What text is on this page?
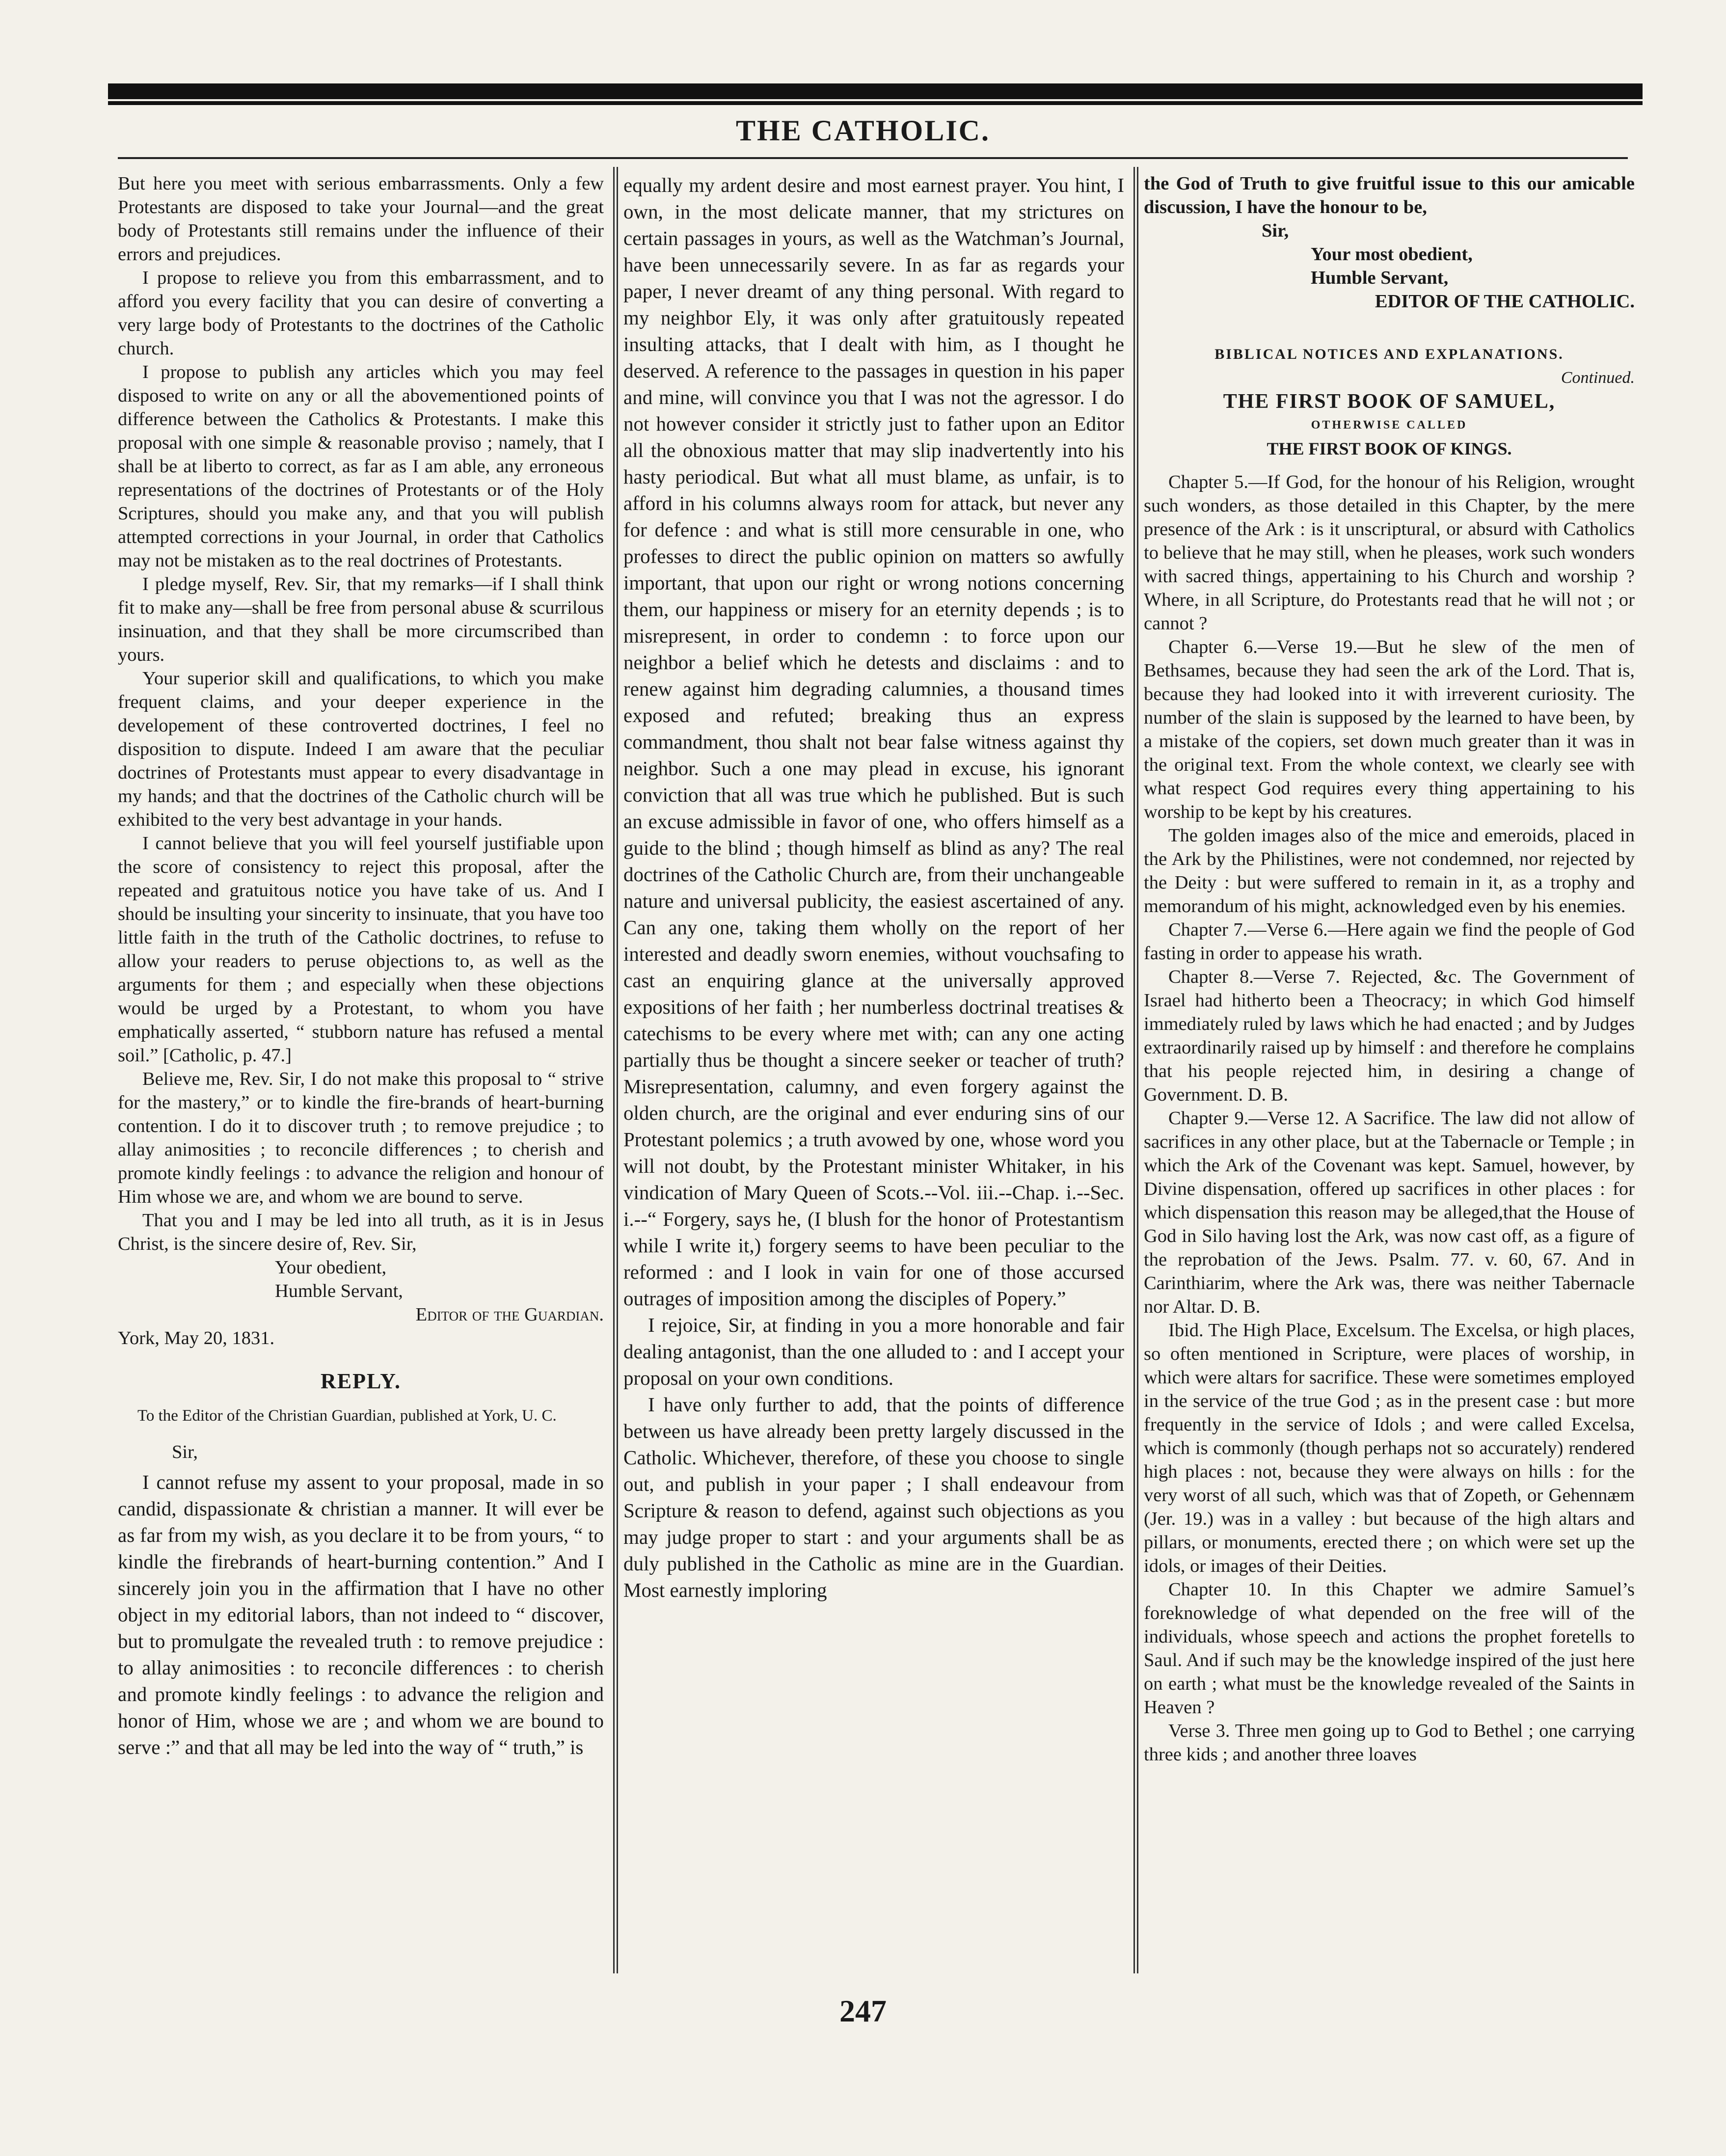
THE CATHOLIC.

But here you meet with serious embarrassments. Only a few Protestants are disposed to take your Journal—and the great body of Protestants still remains under the influence of their errors and prejudices.

I propose to relieve you from this embarrassment, and to afford you every facility that you can desire of converting a very large body of Protestants to the doctrines of the Catholic church.

I propose to publish any articles which you may feel disposed to write on any or all the abovementioned points of difference between the Catholics & Protestants. I make this proposal with one simple & reasonable proviso ; namely, that I shall be at liberto to correct, as far as I am able, any erroneous representations of the doctrines of Protestants or of the Holy Scriptures, should you make any, and that you will publish attempted corrections in your Journal, in order that Catholics may not be mistaken as to the real doctrines of Protestants.

I pledge myself, Rev. Sir, that my remarks—if I shall think fit to make any—shall be free from personal abuse & scurrilous insinuation, and that they shall be more circumscribed than yours.

Your superior skill and qualifications, to which you make frequent claims, and your deeper experience in the developement of these controverted doctrines, I feel no disposition to dispute. Indeed I am aware that the peculiar doctrines of Protestants must appear to every disadvantage in my hands; and that the doctrines of the Catholic church will be exhibited to the very best advantage in your hands.

I cannot believe that you will feel yourself justifiable upon the score of consistency to reject this proposal, after the repeated and gratuitous notice you have take of us. And I should be insulting your sincerity to insinuate, that you have too little faith in the truth of the Catholic doctrines, to refuse to allow your readers to peruse objections to, as well as the arguments for them ; and especially when these objections would be urged by a Protestant, to whom you have emphatically asserted, “ stubborn nature has refused a mental soil.” [Catholic, p. 47.]

Believe me, Rev. Sir, I do not make this proposal to “ strive for the mastery,” or to kindle the fire-brands of heart-burning contention. I do it to discover truth ; to remove prejudice ; to allay animosities ; to reconcile differences ; to cherish and promote kindly feelings : to advance the religion and honour of Him whose we are, and whom we are bound to serve.

That you and I may be led into all truth, as it is in Jesus Christ, is the sincere desire of, Rev. Sir,

Your obedient,

Humble Servant,

Editor of the Guardian.

York, May 20, 1831.

REPLY.

To the Editor of the Christian Guardian, published at York, U. C.

Sir,

I cannot refuse my assent to your proposal, made in so candid, dispassionate & christian a manner. It will ever be as far from my wish, as you declare it to be from yours, “ to kindle the firebrands of heart-burning contention.” And I sincerely join you in the affirmation that I have no other object in my editorial labors, than not indeed to “ discover, but to promulgate the revealed truth : to remove prejudice : to allay animosities : to reconcile differences : to cherish and promote kindly feelings : to advance the religion and honor of Him, whose we are ; and whom we are bound to serve :” and that all may be led into the way of “ truth,” is

equally my ardent desire and most earnest prayer. You hint, I own, in the most delicate manner, that my strictures on certain passages in yours, as well as the Watchman’s Journal, have been unnecessarily severe. In as far as regards your paper, I never dreamt of any thing personal. With regard to my neighbor Ely, it was only after gratuitously repeated insulting attacks, that I dealt with him, as I thought he deserved. A reference to the passages in question in his paper and mine, will convince you that I was not the agressor. I do not however consider it strictly just to father upon an Editor all the obnoxious matter that may slip inadvertently into his hasty periodical. But what all must blame, as unfair, is to afford in his columns always room for attack, but never any for defence : and what is still more censurable in one, who professes to direct the public opinion on matters so awfully important, that upon our right or wrong notions concerning them, our happiness or misery for an eternity depends ; is to misrepresent, in order to condemn : to force upon our neighbor a belief which he detests and disclaims : and to renew against him degrading calumnies, a thousand times exposed and refuted; breaking thus an express commandment, thou shalt not bear false witness against thy neighbor. Such a one may plead in excuse, his ignorant conviction that all was true which he published. But is such an excuse admissible in favor of one, who offers himself as a guide to the blind ; though himself as blind as any? The real doctrines of the Catholic Church are, from their unchangeable nature and universal publicity, the easiest ascertained of any. Can any one, taking them wholly on the report of her interested and deadly sworn enemies, without vouchsafing to cast an enquiring glance at the universally approved expositions of her faith ; her numberless doctrinal treatises & catechisms to be every where met with; can any one acting partially thus be thought a sincere seeker or teacher of truth? Misrepresentation, calumny, and even forgery against the olden church, are the original and ever enduring sins of our Protestant polemics ; a truth avowed by one, whose word you will not doubt, by the Protestant minister Whitaker, in his vindication of Mary Queen of Scots.--Vol. iii.--Chap. i.--Sec. i.--“ Forgery, says he, (I blush for the honor of Protestantism while I write it,) forgery seems to have been peculiar to the reformed : and I look in vain for one of those accursed outrages of imposition among the disciples of Popery.”

I rejoice, Sir, at finding in you a more honorable and fair dealing antagonist, than the one alluded to : and I accept your proposal on your own conditions.

I have only further to add, that the points of difference between us have already been pretty largely discussed in the Catholic. Whichever, therefore, of these you choose to single out, and publish in your paper ; I shall endeavour from Scripture & reason to defend, against such objections as you may judge proper to start : and your arguments shall be as duly published in the Catholic as mine are in the Guardian. Most earnestly imploring

the God of Truth to give fruitful issue to this our amicable discussion, I have the honour to be,

Sir,

Your most obedient,

Humble Servant,

EDITOR OF THE CATHOLIC.

BIBLICAL NOTICES AND EXPLANATIONS.

Continued.

THE FIRST BOOK OF SAMUEL,

OTHERWISE CALLED

THE FIRST BOOK OF KINGS.

Chapter 5.—If God, for the honour of his Religion, wrought such wonders, as those detailed in this Chapter, by the mere presence of the Ark : is it unscriptural, or absurd with Catholics to believe that he may still, when he pleases, work such wonders with sacred things, appertaining to his Church and worship ? Where, in all Scripture, do Protestants read that he will not ; or cannot ?

Chapter 6.—Verse 19.—But he slew of the men of Bethsames, because they had seen the ark of the Lord. That is, because they had looked into it with irreverent curiosity. The number of the slain is supposed by the learned to have been, by a mistake of the copiers, set down much greater than it was in the original text. From the whole context, we clearly see with what respect God requires every thing appertaining to his worship to be kept by his creatures.

The golden images also of the mice and emeroids, placed in the Ark by the Philistines, were not condemned, nor rejected by the Deity : but were suffered to remain in it, as a trophy and memorandum of his might, acknowledged even by his enemies.

Chapter 7.—Verse 6.—Here again we find the people of God fasting in order to appease his wrath.

Chapter 8.—Verse 7. Rejected, &c. The Government of Israel had hitherto been a Theocracy; in which God himself immediately ruled by laws which he had enacted ; and by Judges extraordinarily raised up by himself : and therefore he complains that his people rejected him, in desiring a change of Government. D. B.

Chapter 9.—Verse 12. A Sacrifice. The law did not allow of sacrifices in any other place, but at the Tabernacle or Temple ; in which the Ark of the Covenant was kept. Samuel, however, by Divine dispensation, offered up sacrifices in other places : for which dispensation this reason may be alleged,that the House of God in Silo having lost the Ark, was now cast off, as a figure of the reprobation of the Jews. Psalm. 77. v. 60, 67. And in Carinthiarim, where the Ark was, there was neither Tabernacle nor Altar. D. B.

Ibid. The High Place, Excelsum. The Excelsa, or high places, so often mentioned in Scripture, were places of worship, in which were altars for sacrifice. These were sometimes employed in the service of the true God ; as in the present case : but more frequently in the service of Idols ; and were called Excelsa, which is commonly (though perhaps not so accurately) rendered high places : not, because they were always on hills : for the very worst of all such, which was that of Zopeth, or Gehennæm (Jer. 19.) was in a valley : but because of the high altars and pillars, or monuments, erected there ; on which were set up the idols, or images of their Deities.

Chapter 10. In this Chapter we admire Samuel’s foreknowledge of what depended on the free will of the individuals, whose speech and actions the prophet foretells to Saul. And if such may be the knowledge inspired of the just here on earth ; what must be the knowledge revealed of the Saints in Heaven ?

Verse 3. Three men going up to God to Bethel ; one carrying three kids ; and another three loaves

247
